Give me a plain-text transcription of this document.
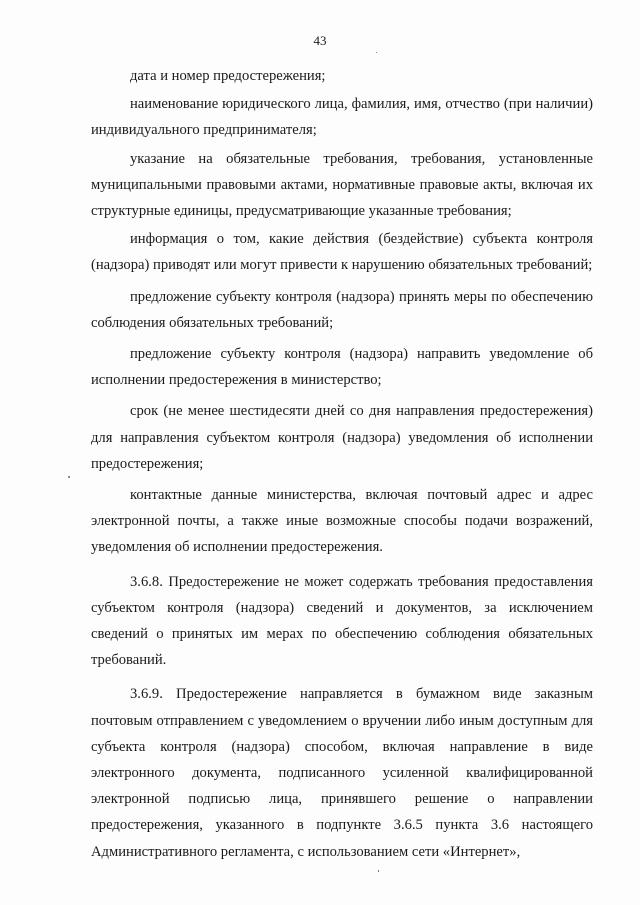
43

дата и номер предостережения;

наименование юридического лица, фамилия, имя, отчество (при наличии) индивидуального предпринимателя;

указание на обязательные требования, требования, установленные муниципальными правовыми актами, нормативные правовые акты, включая их структурные единицы, предусматривающие указанные требования;

информация о том, какие действия (бездействие) субъекта контроля (надзора) приводят или могут привести к нарушению обязательных требований;

предложение субъекту контроля (надзора) принять меры по обеспечению соблюдения обязательных требований;

предложение субъекту контроля (надзора) направить уведомление об исполнении предостережения в министерство;

срок (не менее шестидесяти дней со дня направления предостережения) для направления субъектом контроля (надзора) уведомления об исполнении предостережения;

контактные данные министерства, включая почтовый адрес и адрес электронной почты, а также иные возможные способы подачи возражений, уведомления об исполнении предостережения.

3.6.8. Предостережение не может содержать требования предоставления субъектом контроля (надзора) сведений и документов, за исключением сведений о принятых им мерах по обеспечению соблюдения обязательных требований.

3.6.9. Предостережение направляется в бумажном виде заказным почтовым отправлением с уведомлением о вручении либо иным доступным для субъекта контроля (надзора) способом, включая направление в виде электронного документа, подписанного усиленной квалифицированной электронной подписью лица, принявшего решение о направлении предостережения, указанного в подпункте 3.6.5 пункта 3.6 настоящего Административного регламента, с использованием сети «Интернет»,
